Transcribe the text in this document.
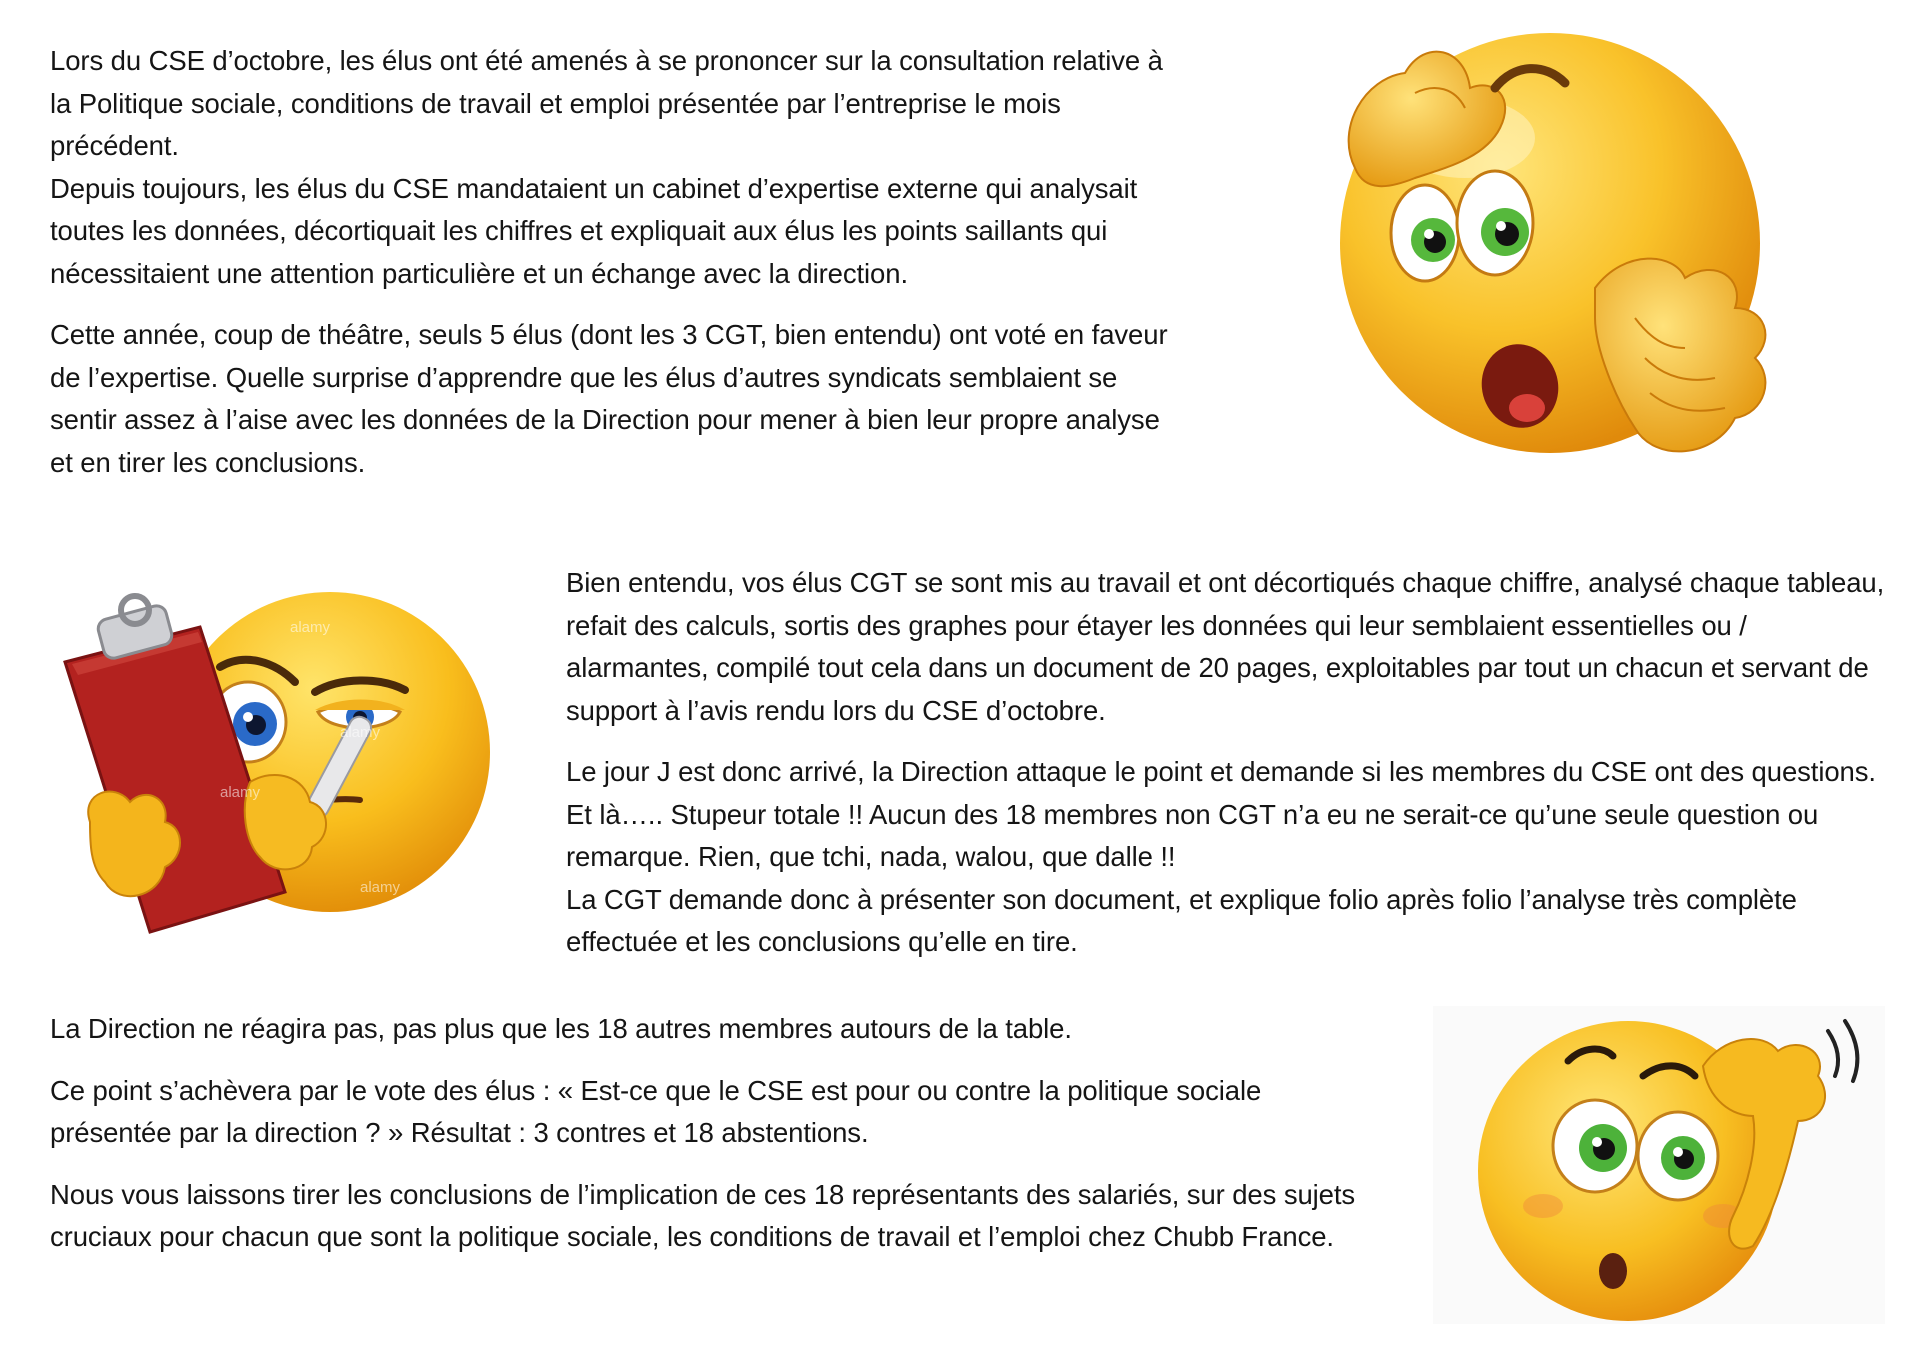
Lors du CSE d’octobre, les élus ont été amenés à se prononcer sur la consultation relative à la Politique sociale, conditions de travail et emploi présentée par l’entreprise le mois précédent.

Depuis toujours, les élus du CSE mandataient un cabinet d’expertise externe qui analysait toutes les données, décortiquait les chiffres et expliquait aux élus les points saillants qui nécessitaient une attention particulière et un échange avec la direction.

Cette année, coup de théâtre, seuls 5 élus (dont les 3 CGT, bien entendu) ont voté en faveur de l’expertise. Quelle surprise d’apprendre que les élus d’autres syndicats semblaient se sentir assez à l’aise avec les données de la Direction pour mener à bien leur propre analyse et en tirer les conclusions.

Bien entendu, vos élus CGT se sont mis au travail et ont décortiqués chaque chiffre, analysé chaque tableau, refait des calculs, sortis des graphes pour étayer les données qui leur semblaient essentielles ou / alarmantes, compilé tout cela dans un document de 20 pages, exploitables par tout un chacun et servant de support à l’avis rendu lors du CSE d’octobre.

Le jour J est donc arrivé, la Direction attaque le point et demande si les membres du CSE ont des questions. Et là….. Stupeur totale !! Aucun des 18 membres non CGT n’a eu ne serait-ce qu’une seule question ou remarque. Rien, que tchi, nada, walou, que dalle !!

La CGT demande donc à présenter son document, et explique folio après folio l’analyse très complète effectuée et les conclusions qu’elle en tire.

La Direction ne réagira pas, pas plus que les 18 autres membres autours de la table.

Ce point s’achèvera par le vote des élus : « Est-ce que le CSE est pour ou contre la politique sociale présentée par la direction ? » Résultat : 3 contres et 18 abstentions.

Nous vous laissons tirer les conclusions de l’implication de ces 18 représentants des salariés, sur des sujets cruciaux pour chacun que sont la politique sociale, les conditions de travail et l’emploi chez Chubb France.

alamy
alamy
alamy
alamy
